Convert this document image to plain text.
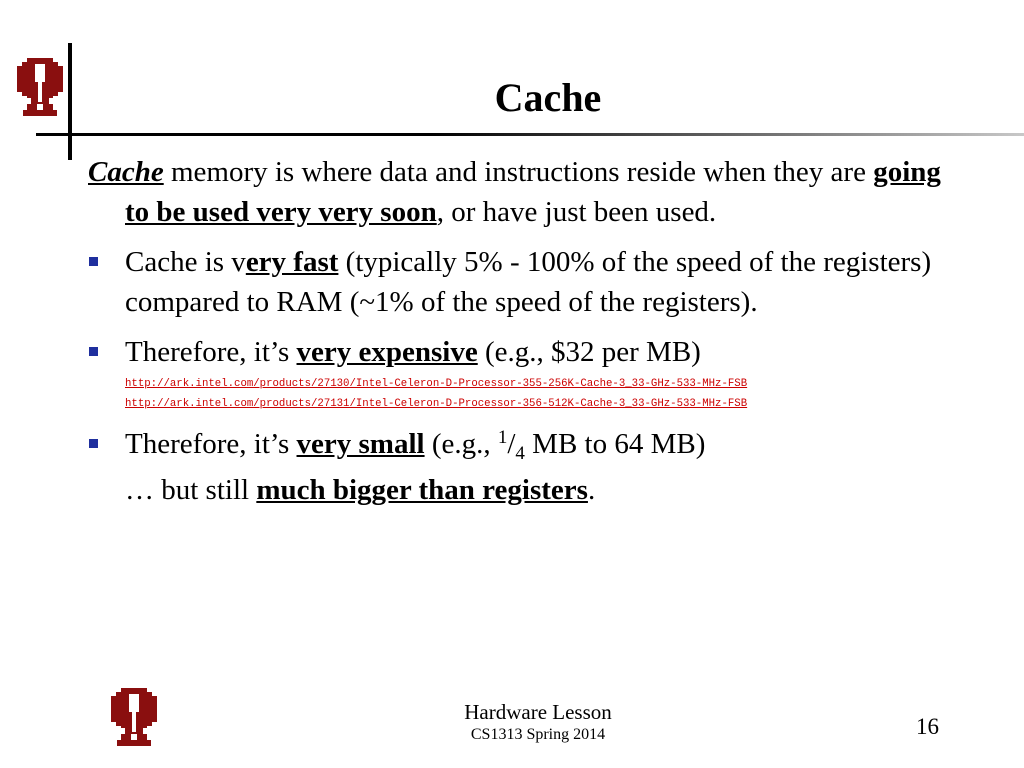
Cache

Cache memory is where data and instructions reside when they are going to be used very very soon, or have just been used.

Cache is very fast (typically 5% - 100% of the speed of the registers) compared to RAM (~1% of the speed of the registers).
Therefore, it’s very expensive (e.g., $32 per MB)
http://ark.intel.com/products/27130/Intel-Celeron-D-Processor-355-256K-Cache-3_33-GHz-533-MHz-FSB
http://ark.intel.com/products/27131/Intel-Celeron-D-Processor-356-512K-Cache-3_33-GHz-533-MHz-FSB
Therefore, it’s very small (e.g., $^1/_4$ MB to 64 MB)
… but still much bigger than registers.
Hardware Lesson
CS1313 Spring 2014	16
